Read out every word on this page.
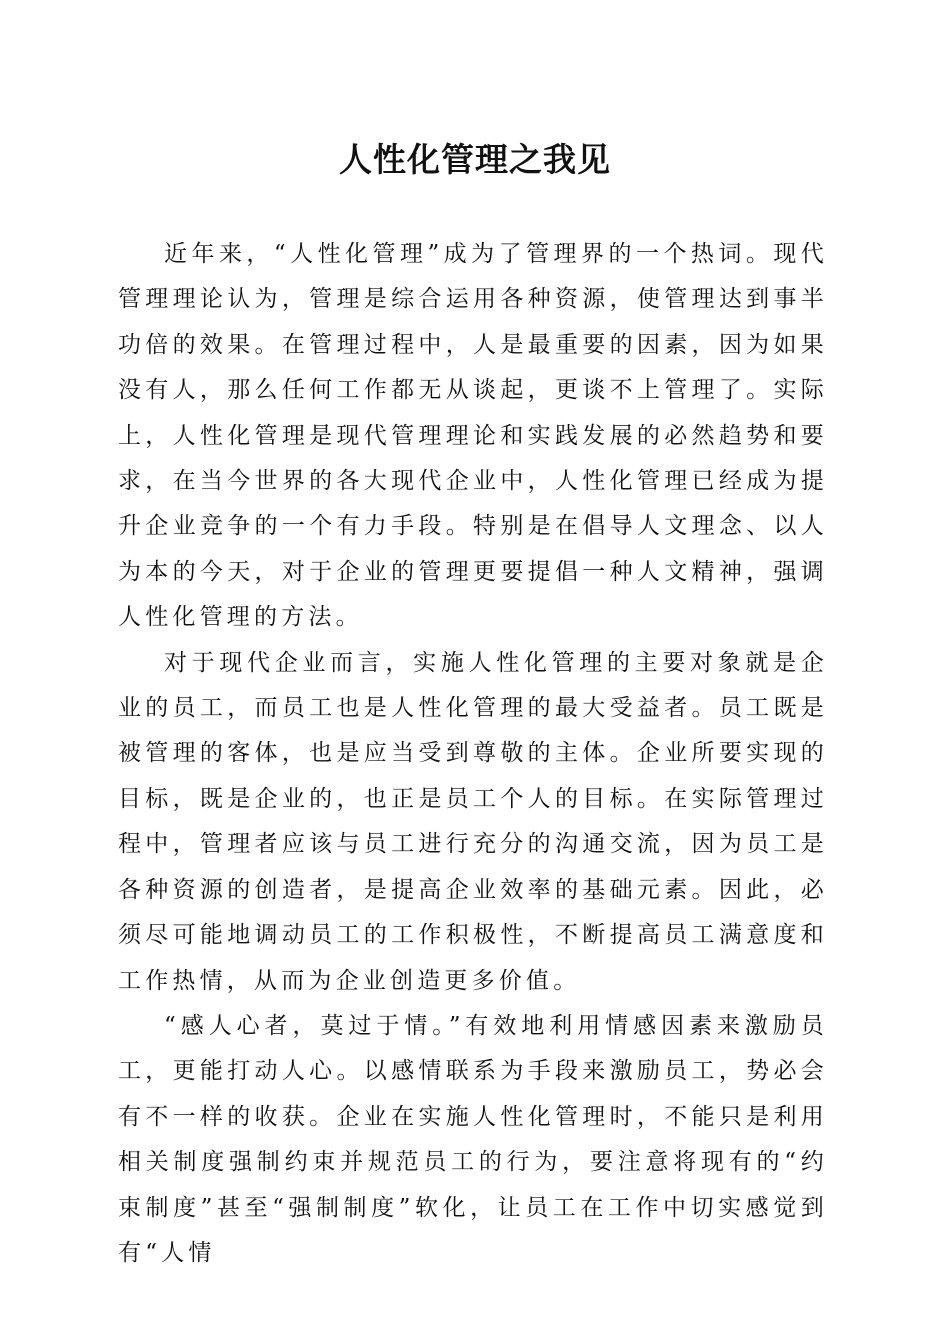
人性化管理之我见

近年来，“人性化管理”成为了管理界的一个热词。现代管理理论认为，管理是综合运用各种资源，使管理达到事半功倍的效果。在管理过程中，人是最重要的因素，因为如果没有人，那么任何工作都无从谈起，更谈不上管理了。实际上，人性化管理是现代管理理论和实践发展的必然趋势和要求，在当今世界的各大现代企业中，人性化管理已经成为提升企业竞争的一个有力手段。特别是在倡导人文理念、以人为本的今天，对于企业的管理更要提倡一种人文精神，强调人性化管理的方法。

对于现代企业而言，实施人性化管理的主要对象就是企业的员工，而员工也是人性化管理的最大受益者。员工既是被管理的客体，也是应当受到尊敬的主体。企业所要实现的目标，既是企业的，也正是员工个人的目标。在实际管理过程中，管理者应该与员工进行充分的沟通交流，因为员工是各种资源的创造者，是提高企业效率的基础元素。因此，必须尽可能地调动员工的工作积极性，不断提高员工满意度和工作热情，从而为企业创造更多价值。

“感人心者，莫过于情。”有效地利用情感因素来激励员工，更能打动人心。以感情联系为手段来激励员工，势必会有不一样的收获。企业在实施人性化管理时，不能只是利用相关制度强制约束并规范员工的行为，要注意将现有的“约束制度”甚至“强制制度”软化，让员工在工作中切实感觉到有“人情
